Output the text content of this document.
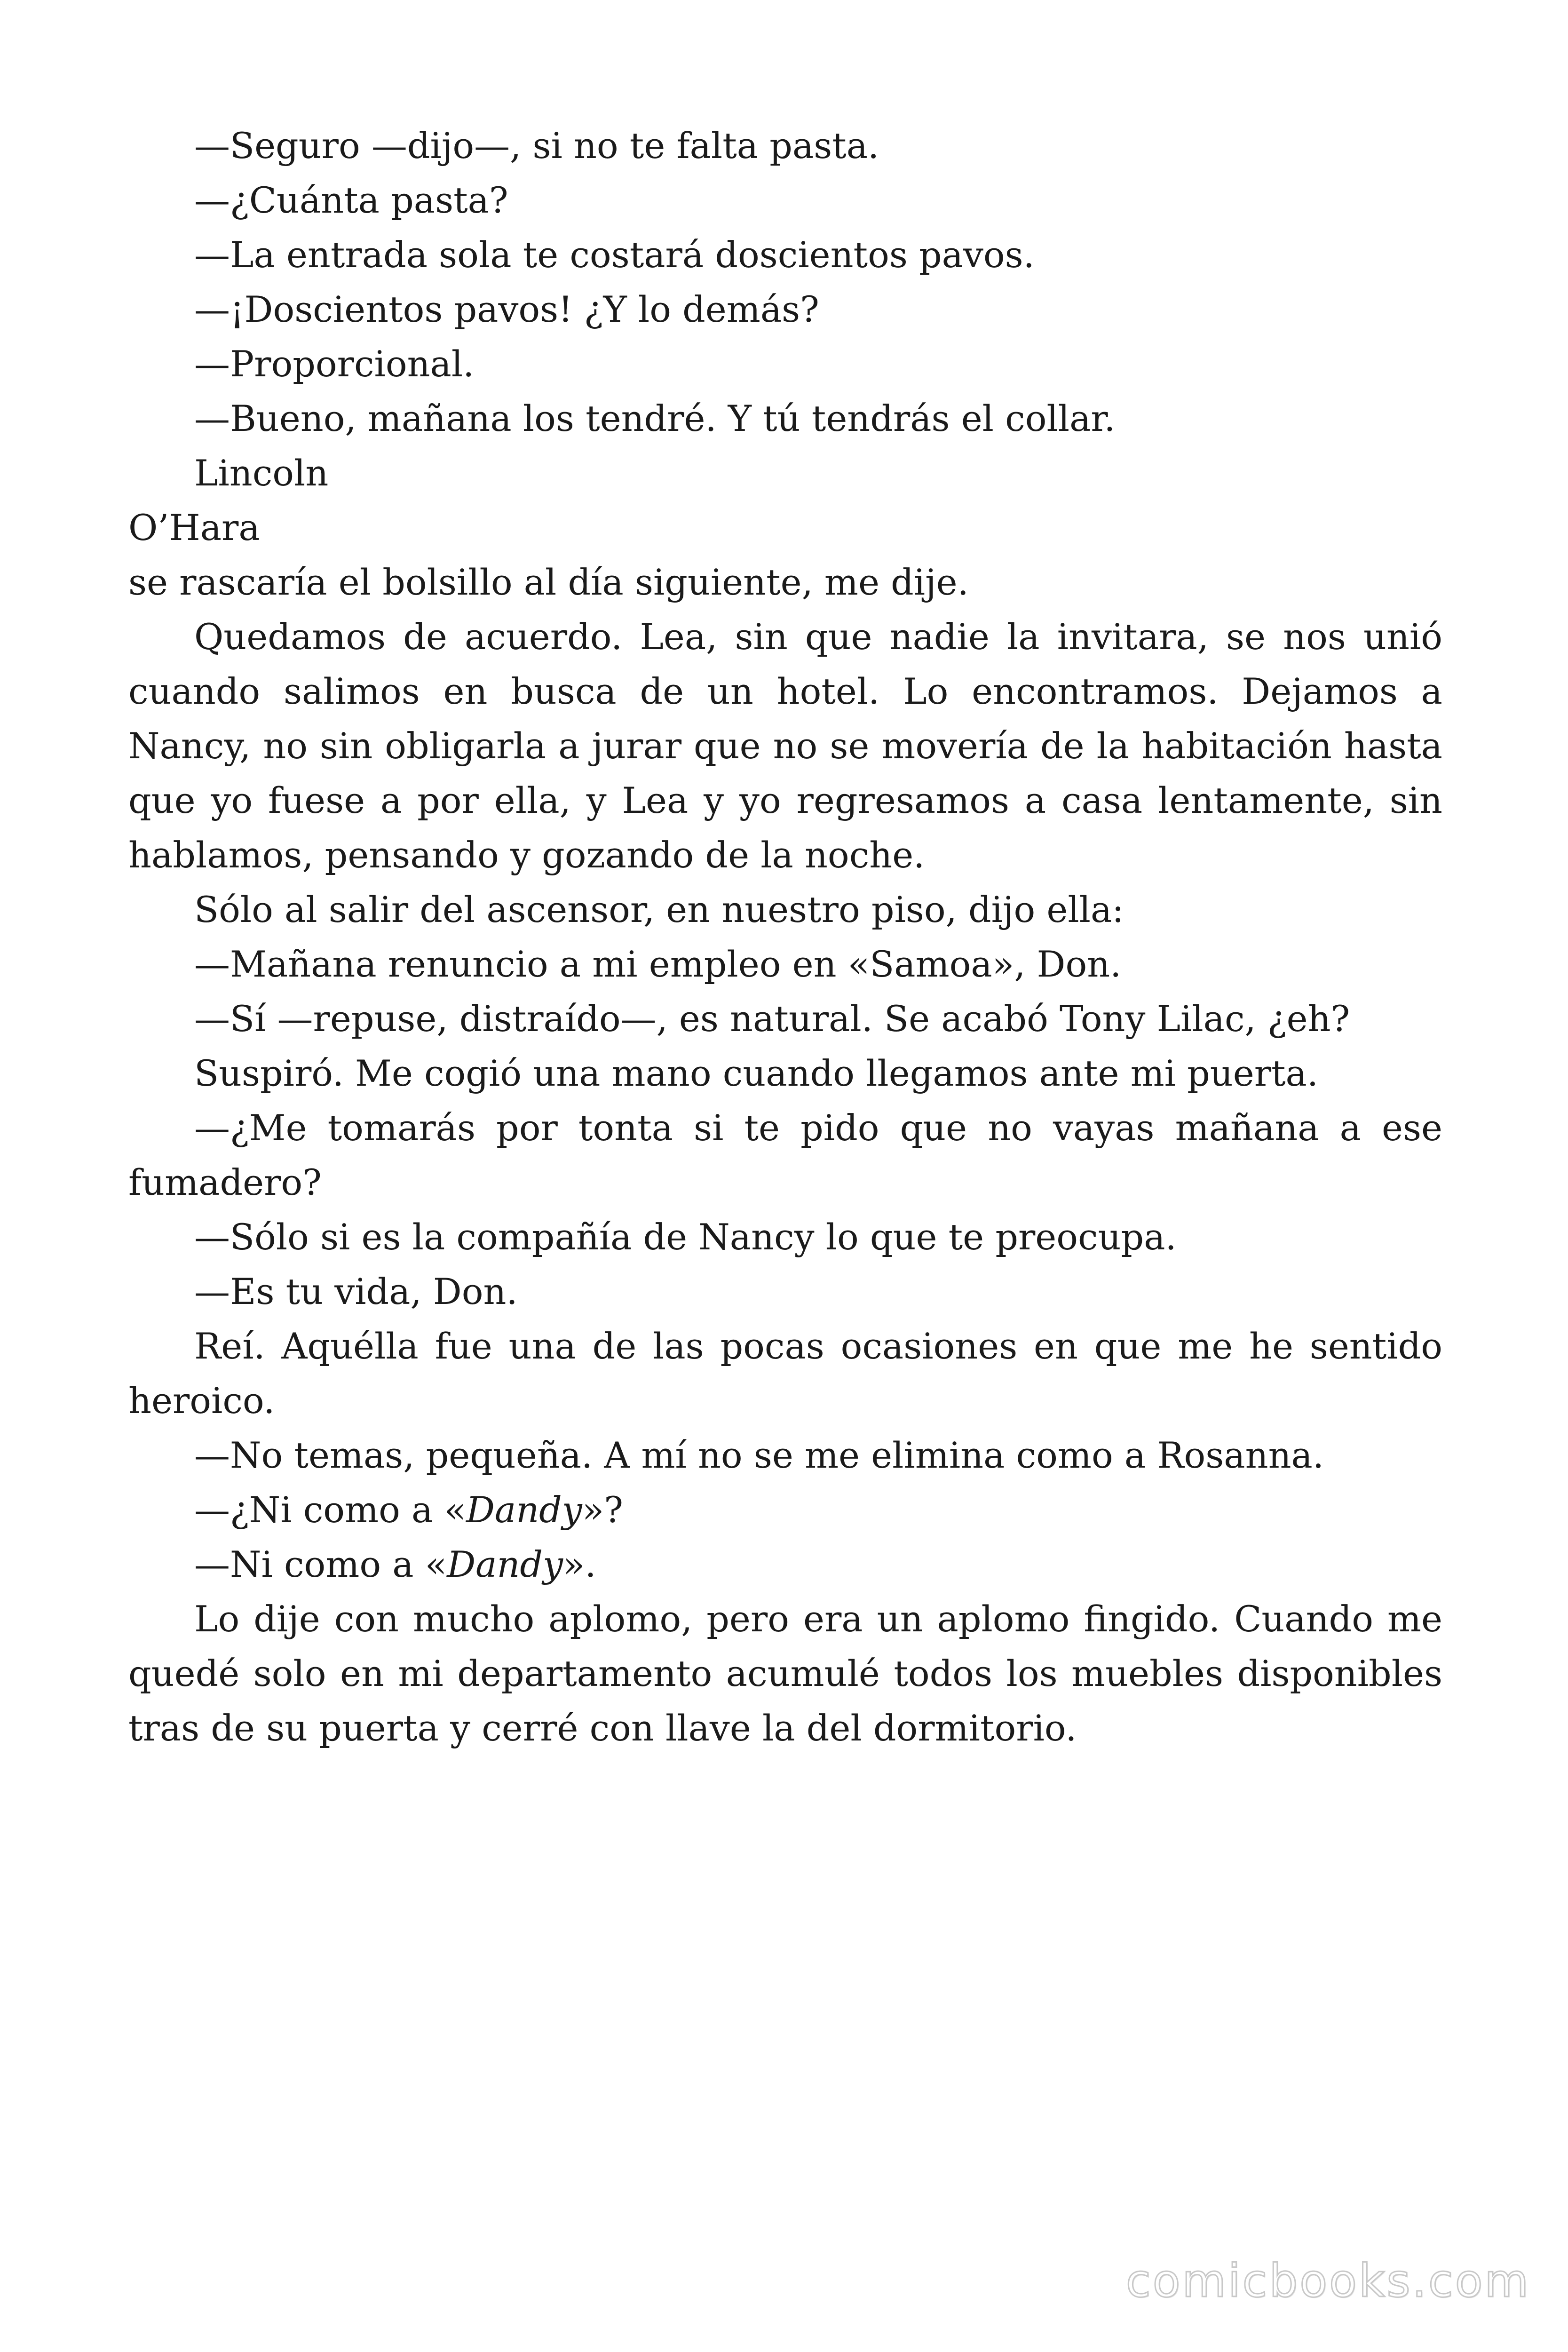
—Seguro —dijo—, si no te falta pasta.

—¿Cuánta pasta?

—La entrada sola te costará doscientos pavos.

—¡Doscientos pavos! ¿Y lo demás?

—Proporcional.

—Bueno, mañana los tendré. Y tú tendrás el collar.

Lincoln

O’Hara

se rascaría el bolsillo al día siguiente, me dije.

Quedamos de acuerdo. Lea, sin que nadie la invitara, se nos unió cuando salimos en busca de un hotel. Lo encontramos. Dejamos a Nancy, no sin obligarla a jurar que no se movería de la habitación hasta que yo fuese a por ella, y Lea y yo regresamos a casa lentamente, sin hablamos, pensando y gozando de la noche.

Sólo al salir del ascensor, en nuestro piso, dijo ella:

—Mañana renuncio a mi empleo en «Samoa», Don.

—Sí —repuse, distraído—, es natural. Se acabó Tony Lilac, ¿eh?

Suspiró. Me cogió una mano cuando llegamos ante mi puerta.

—¿Me tomarás por tonta si te pido que no vayas mañana a ese fumadero?

—Sólo si es la compañía de Nancy lo que te preocupa.

—Es tu vida, Don.

Reí. Aquélla fue una de las pocas ocasiones en que me he sentido heroico.

—No temas, pequeña. A mí no se me elimina como a Rosanna.

—¿Ni como a «Dandy»?

—Ni como a «Dandy».

Lo dije con mucho aplomo, pero era un aplomo fingido. Cuando me quedé solo en mi departamento acumulé todos los muebles disponibles tras de su puerta y cerré con llave la del dormitorio.

comicbooks.com
